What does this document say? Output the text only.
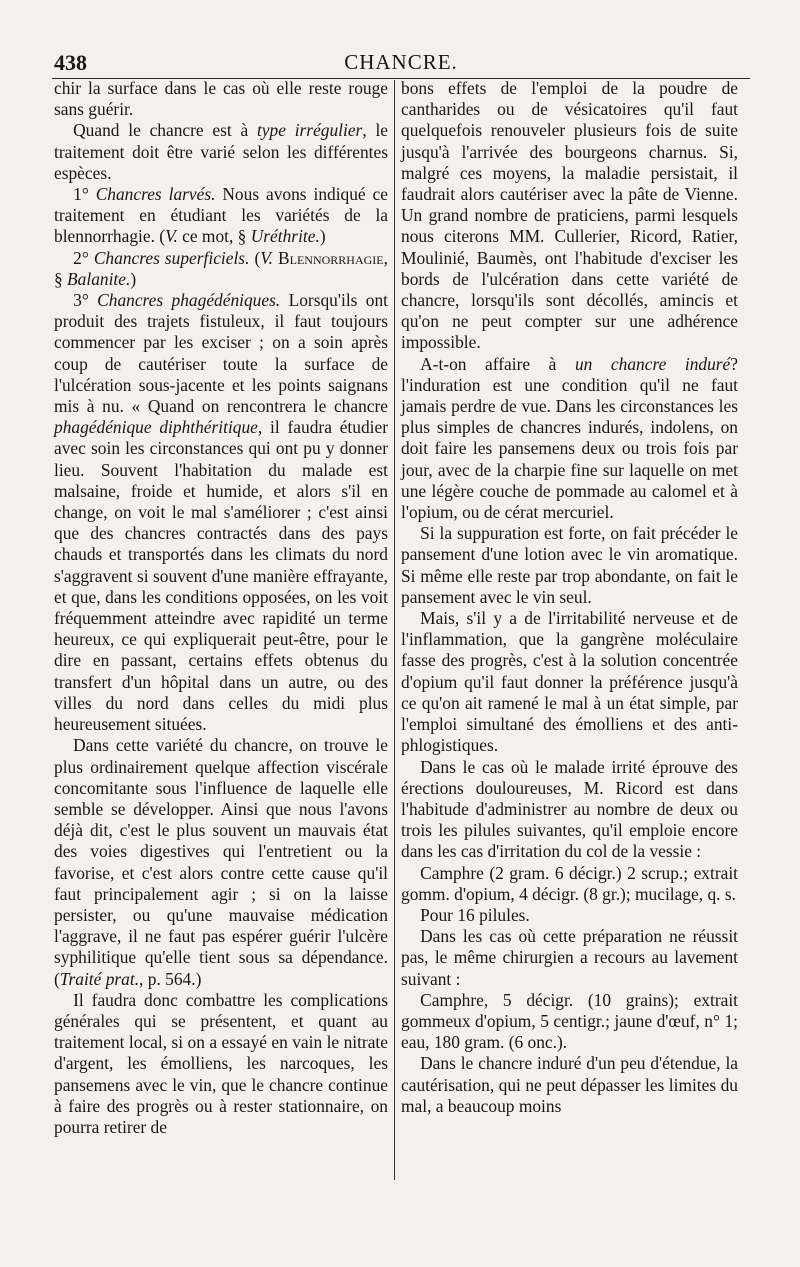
438	CHANCRE.

chir la surface dans le cas où elle reste rouge sans guérir.

Quand le chancre est à type irrégulier, le traitement doit être varié selon les différentes espèces.

1° Chancres larvés. Nous avons indiqué ce traitement en étudiant les variétés de la blennorrhagie. (V. ce mot, § Uréthrite.)

2° Chancres superficiels. (V. Blennorrhagie, § Balanite.)

3° Chancres phagédéniques. Lorsqu'ils ont produit des trajets fistuleux, il faut toujours commencer par les exciser ; on a soin après coup de cautériser toute la surface de l'ulcération sous-jacente et les points saignans mis à nu. « Quand on rencontrera le chancre phagédénique diphthéritique, il faudra étudier avec soin les circonstances qui ont pu y donner lieu. Souvent l'habitation du malade est malsaine, froide et humide, et alors s'il en change, on voit le mal s'améliorer ; c'est ainsi que des chancres contractés dans des pays chauds et transportés dans les climats du nord s'aggravent si souvent d'une manière effrayante, et que, dans les conditions opposées, on les voit fréquemment atteindre avec rapidité un terme heureux, ce qui expliquerait peut-être, pour le dire en passant, certains effets obtenus du transfert d'un hôpital dans un autre, ou des villes du nord dans celles du midi plus heureusement situées.

Dans cette variété du chancre, on trouve le plus ordinairement quelque affection viscérale concomitante sous l'influence de laquelle elle semble se développer. Ainsi que nous l'avons déjà dit, c'est le plus souvent un mauvais état des voies digestives qui l'entretient ou la favorise, et c'est alors contre cette cause qu'il faut principalement agir ; si on la laisse persister, ou qu'une mauvaise médication l'aggrave, il ne faut pas espérer guérir l'ulcère syphilitique qu'elle tient sous sa dépendance. (Traité prat., p. 564.)

Il faudra donc combattre les complications générales qui se présentent, et quant au traitement local, si on a essayé en vain le nitrate d'argent, les émolliens, les narcoques, les pansemens avec le vin, que le chancre continue à faire des progrès ou à rester stationnaire, on pourra retirer de

bons effets de l'emploi de la poudre de cantharides ou de vésicatoires qu'il faut quelquefois renouveler plusieurs fois de suite jusqu'à l'arrivée des bourgeons charnus. Si, malgré ces moyens, la maladie persistait, il faudrait alors cautériser avec la pâte de Vienne. Un grand nombre de praticiens, parmi lesquels nous citerons MM. Cullerier, Ricord, Ratier, Moulinié, Baumès, ont l'habitude d'exciser les bords de l'ulcération dans cette variété de chancre, lorsqu'ils sont décollés, amincis et qu'on ne peut compter sur une adhérence impossible.

A-t-on affaire à un chancre induré? l'induration est une condition qu'il ne faut jamais perdre de vue. Dans les circonstances les plus simples de chancres indurés, indolens, on doit faire les pansemens deux ou trois fois par jour, avec de la charpie fine sur laquelle on met une légère couche de pommade au calomel et à l'opium, ou de cérat mercuriel.

Si la suppuration est forte, on fait précéder le pansement d'une lotion avec le vin aromatique. Si même elle reste par trop abondante, on fait le pansement avec le vin seul.

Mais, s'il y a de l'irritabilité nerveuse et de l'inflammation, que la gangrène moléculaire fasse des progrès, c'est à la solution concentrée d'opium qu'il faut donner la préférence jusqu'à ce qu'on ait ramené le mal à un état simple, par l'emploi simultané des émolliens et des anti-phlogistiques.

Dans le cas où le malade irrité éprouve des érections douloureuses, M. Ricord est dans l'habitude d'administrer au nombre de deux ou trois les pilules suivantes, qu'il emploie encore dans les cas d'irritation du col de la vessie :

Camphre (2 gram. 6 décigr.) 2 scrup.; extrait gomm. d'opium, 4 décigr. (8 gr.); mucilage, q. s.

Pour 16 pilules.

Dans les cas où cette préparation ne réussit pas, le même chirurgien a recours au lavement suivant :

Camphre, 5 décigr. (10 grains); extrait gommeux d'opium, 5 centigr.; jaune d'œuf, n° 1; eau, 180 gram. (6 onc.).

Dans le chancre induré d'un peu d'étendue, la cautérisation, qui ne peut dépasser les limites du mal, a beaucoup moins
